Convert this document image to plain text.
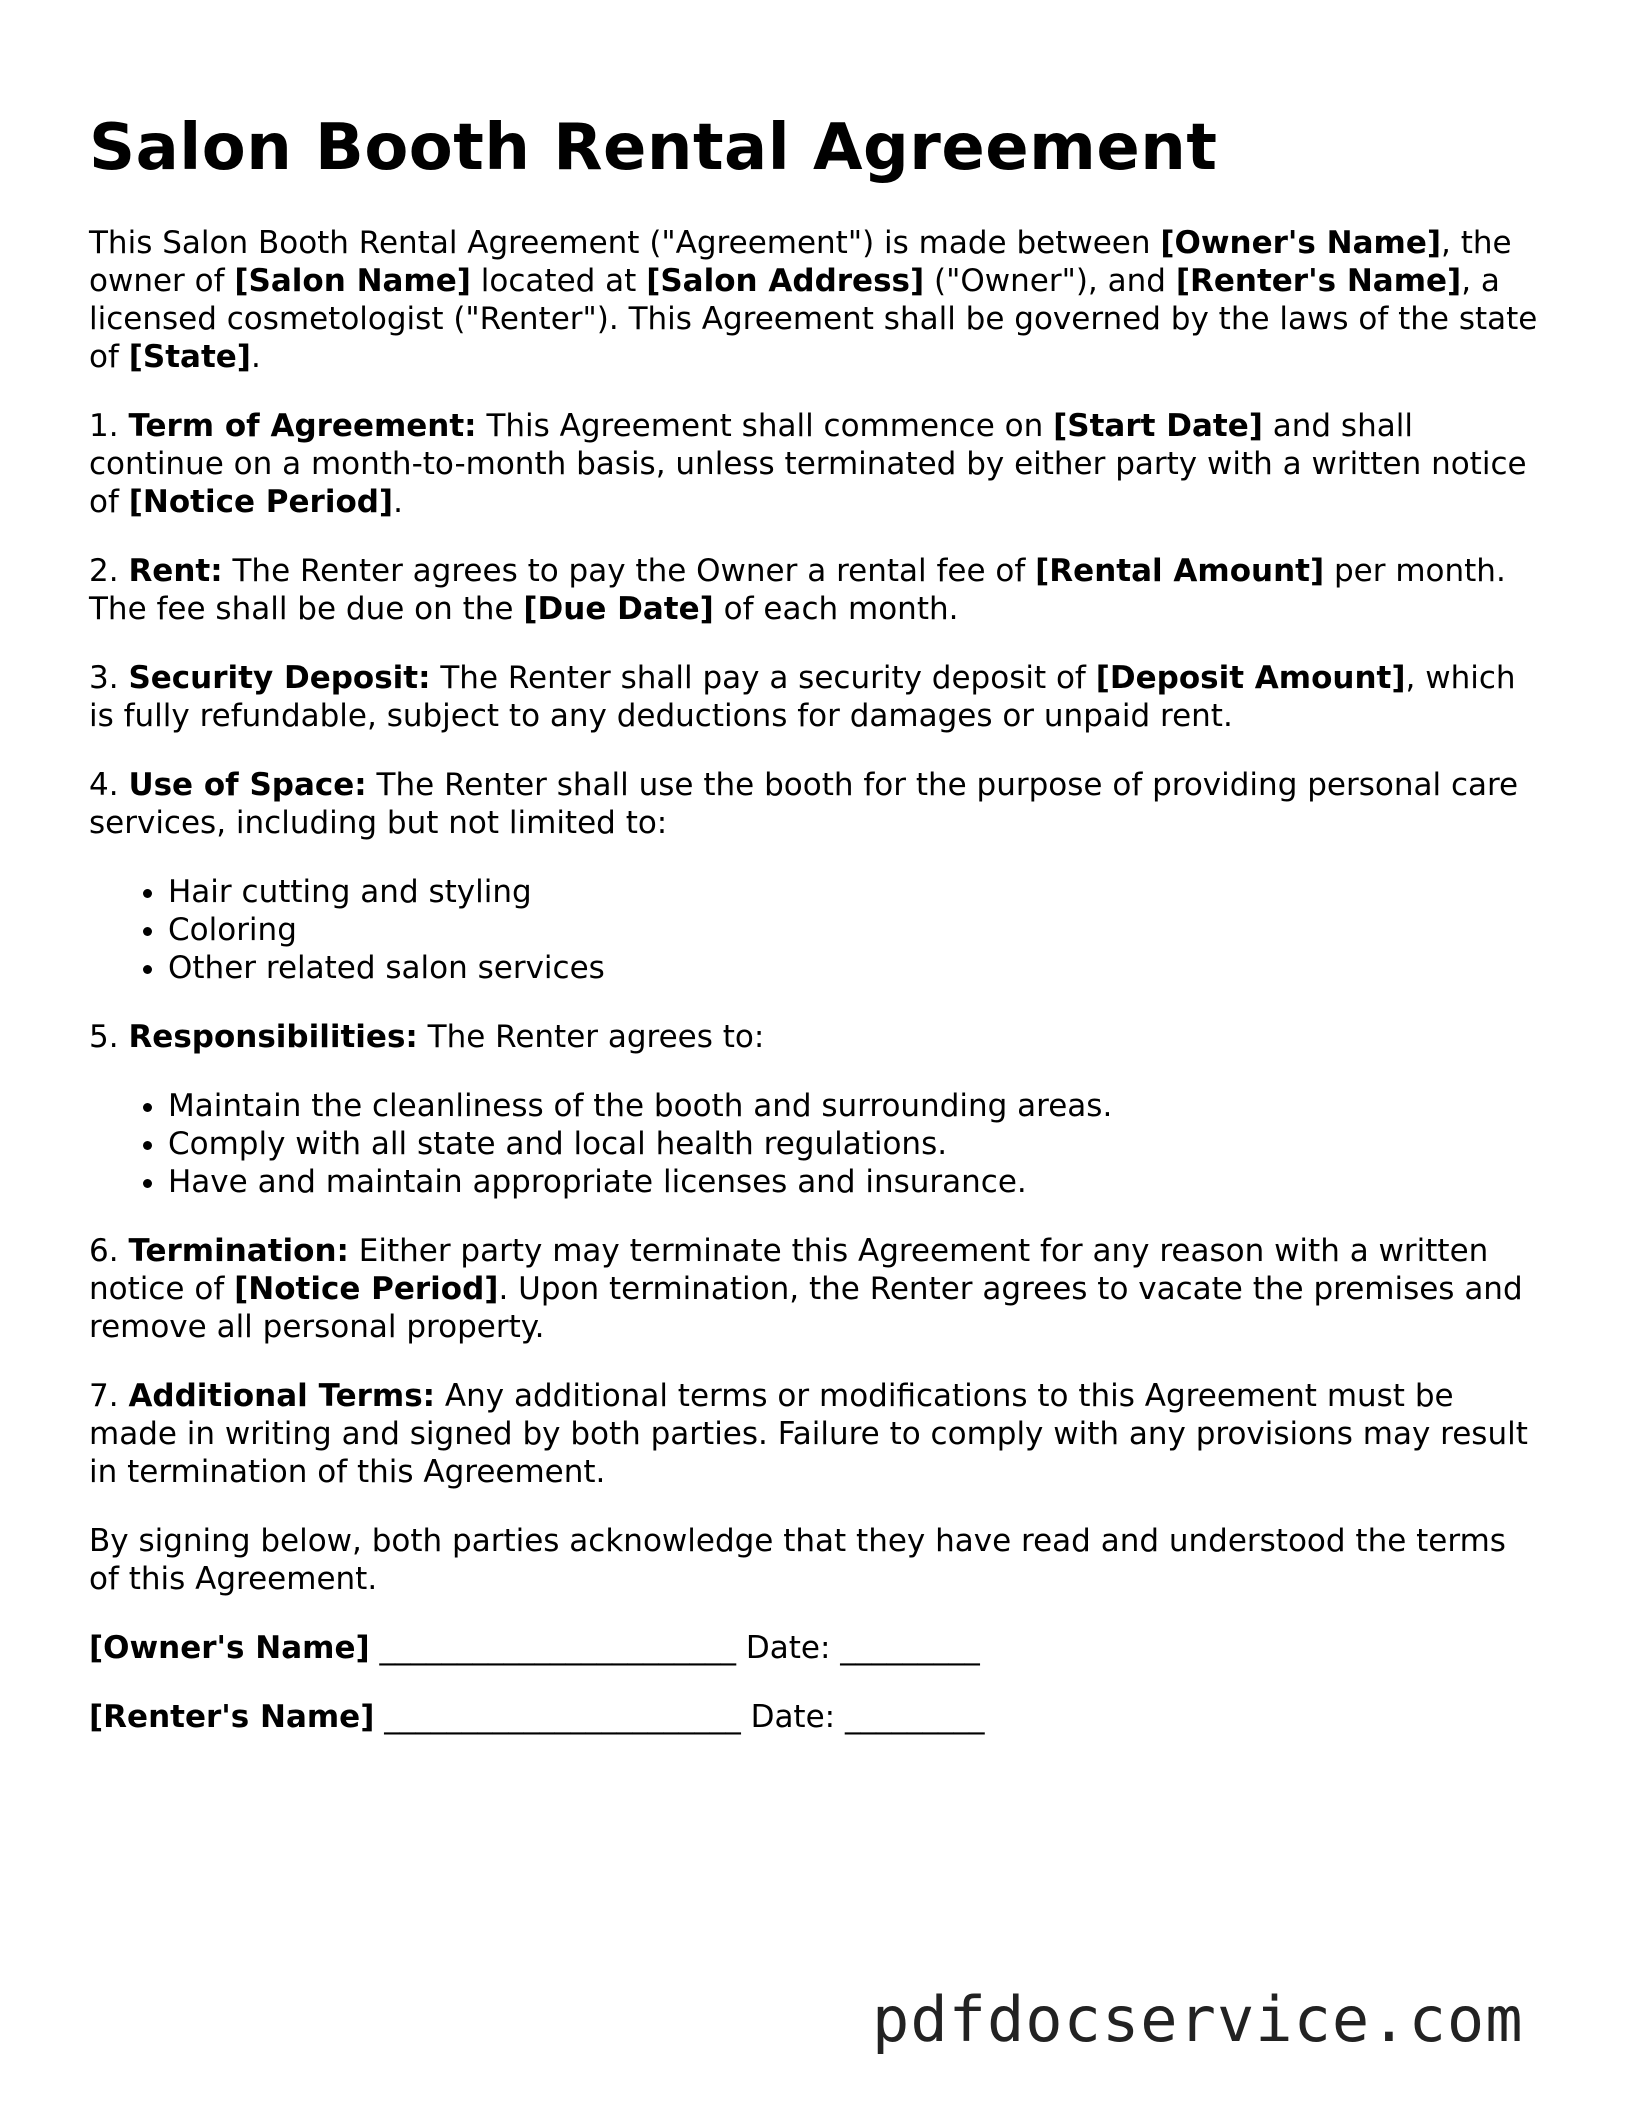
Salon Booth Rental Agreement

This Salon Booth Rental Agreement ("Agreement") is made between [Owner's Name], the owner of [Salon Name] located at [Salon Address] ("Owner"), and [Renter's Name], a licensed cosmetologist ("Renter"). This Agreement shall be governed by the laws of the state of [State].

1. Term of Agreement: This Agreement shall commence on [Start Date] and shall continue on a month-to-month basis, unless terminated by either party with a written notice of [Notice Period].

2. Rent: The Renter agrees to pay the Owner a rental fee of [Rental Amount] per month. The fee shall be due on the [Due Date] of each month.

3. Security Deposit: The Renter shall pay a security deposit of [Deposit Amount], which is fully refundable, subject to any deductions for damages or unpaid rent.

4. Use of Space: The Renter shall use the booth for the purpose of providing personal care services, including but not limited to:

• Hair cutting and styling
• Coloring
• Other related salon services

5. Responsibilities: The Renter agrees to:

• Maintain the cleanliness of the booth and surrounding areas.
• Comply with all state and local health regulations.
• Have and maintain appropriate licenses and insurance.

6. Termination: Either party may terminate this Agreement for any reason with a written notice of [Notice Period]. Upon termination, the Renter agrees to vacate the premises and remove all personal property.

7. Additional Terms: Any additional terms or modifications to this Agreement must be made in writing and signed by both parties. Failure to comply with any provisions may result in termination of this Agreement.

By signing below, both parties acknowledge that they have read and understood the terms of this Agreement.

[Owner's Name] _______________________ Date: _________
[Renter's Name] _______________________ Date: _________
pdfdocservice.com
